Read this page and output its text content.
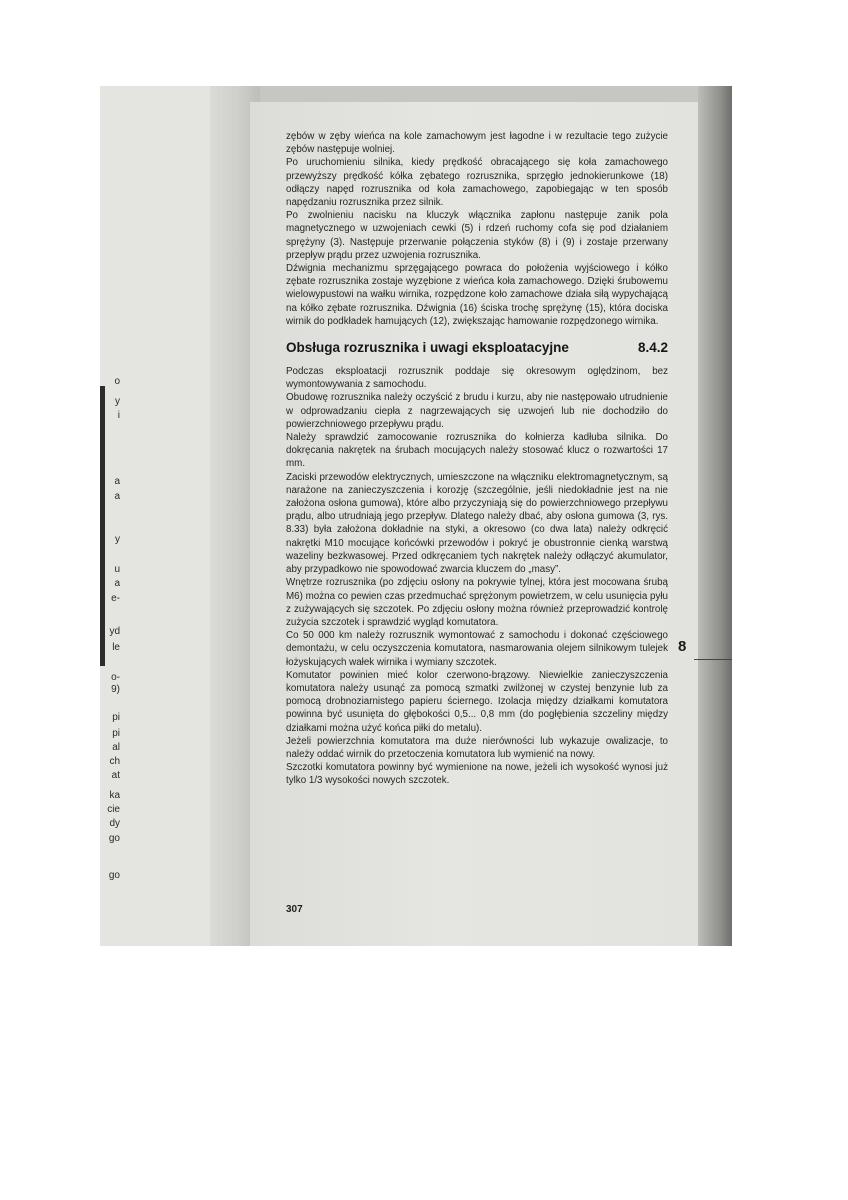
o
y
i
a
a
y
u
a
e-
yd
le
o-
9)
pi
pi
al
ch
at
ka
cie
dy
go
go

zębów w zęby wieńca na kole zamachowym jest łagodne i w rezultacie tego zużycie zębów następuje wolniej.

Po uruchomieniu silnika, kiedy prędkość obracającego się koła zamachowego przewyższy prędkość kółka zębatego rozrusznika, sprzęgło jednokierunkowe (18) odłączy napęd rozrusznika od koła zamachowego, zapobiegając w ten sposób napędzaniu rozrusznika przez silnik.

Po zwolnieniu nacisku na kluczyk włącznika zapłonu następuje zanik pola magnetycznego w uzwojeniach cewki (5) i rdzeń ruchomy cofa się pod działaniem sprężyny (3). Następuje przerwanie połączenia styków (8) i (9) i zostaje przerwany przepływ prądu przez uzwojenia rozrusznika.

Dźwignia mechanizmu sprzęgającego powraca do położenia wyjściowego i kółko zębate rozrusznika zostaje wyzębione z wieńca koła zamachowego. Dzięki śrubowemu wielowypustowi na wałku wirnika, rozpędzone koło zamachowe działa siłą wypychającą na kółko zębate rozrusznika. Dźwignia (16) ściska trochę sprężynę (15), która dociska wirnik do podkładek hamujących (12), zwiększając hamowanie rozpędzonego wirnika.

Obsługa rozrusznika i uwagi eksploatacyjne	8.4.2

Podczas eksploatacji rozrusznik poddaje się okresowym oględzinom, bez wymontowywania z samochodu.

Obudowę rozrusznika należy oczyścić z brudu i kurzu, aby nie następowało utrudnienie w odprowadzaniu ciepła z nagrzewających się uzwojeń lub nie dochodziło do powierzchniowego przepływu prądu.

Należy sprawdzić zamocowanie rozrusznika do kołnierza kadłuba silnika. Do dokręcania nakrętek na śrubach mocujących należy stosować klucz o rozwartości 17 mm.

Zaciski przewodów elektrycznych, umieszczone na włączniku elektromagnetycznym, są narażone na zanieczyszczenia i korozję (szczególnie, jeśli niedokładnie jest na nie założona osłona gumowa), które albo przyczyniają się do powierzchniowego przepływu prądu, albo utrudniają jego przepływ. Dlatego należy dbać, aby osłona gumowa (3, rys. 8.33) była założona dokładnie na styki, a okresowo (co dwa lata) należy odkręcić nakrętki M10 mocujące końcówki przewodów i pokryć je obustronnie cienką warstwą wazeliny bezkwasowej. Przed odkręcaniem tych nakrętek należy odłączyć akumulator, aby przypadkowo nie spowodować zwarcia kluczem do „masy”.

Wnętrze rozrusznika (po zdjęciu osłony na pokrywie tylnej, która jest mocowana śrubą M6) można co pewien czas przedmuchać sprężonym powietrzem, w celu usunięcia pyłu z zużywających się szczotek. Po zdjęciu osłony można również przeprowadzić kontrolę zużycia szczotek i sprawdzić wygląd komutatora.

Co 50 000 km należy rozrusznik wymontować z samochodu i dokonać częściowego demontażu, w celu oczyszczenia komutatora, nasmarowania olejem silnikowym tulejek łożyskujących wałek wirnika i wymiany szczotek.

Komutator powinien mieć kolor czerwono-brązowy. Niewielkie zanieczyszczenia komutatora należy usunąć za pomocą szmatki zwilżonej w czystej benzynie lub za pomocą drobnoziarnistego papieru ściernego. Izolacja między działkami komutatora powinna być usunięta do głębokości 0,5... 0,8 mm (do pogłębienia szczeliny między działkami można użyć końca piłki do metalu).

Jeżeli powierzchnia komutatora ma duże nierówności lub wykazuje owalizacje, to należy oddać wirnik do przetoczenia komutatora lub wymienić na nowy.

Szczotki komutatora powinny być wymienione na nowe, jeżeli ich wysokość wynosi już tylko 1/3 wysokości nowych szczotek.

307
8
